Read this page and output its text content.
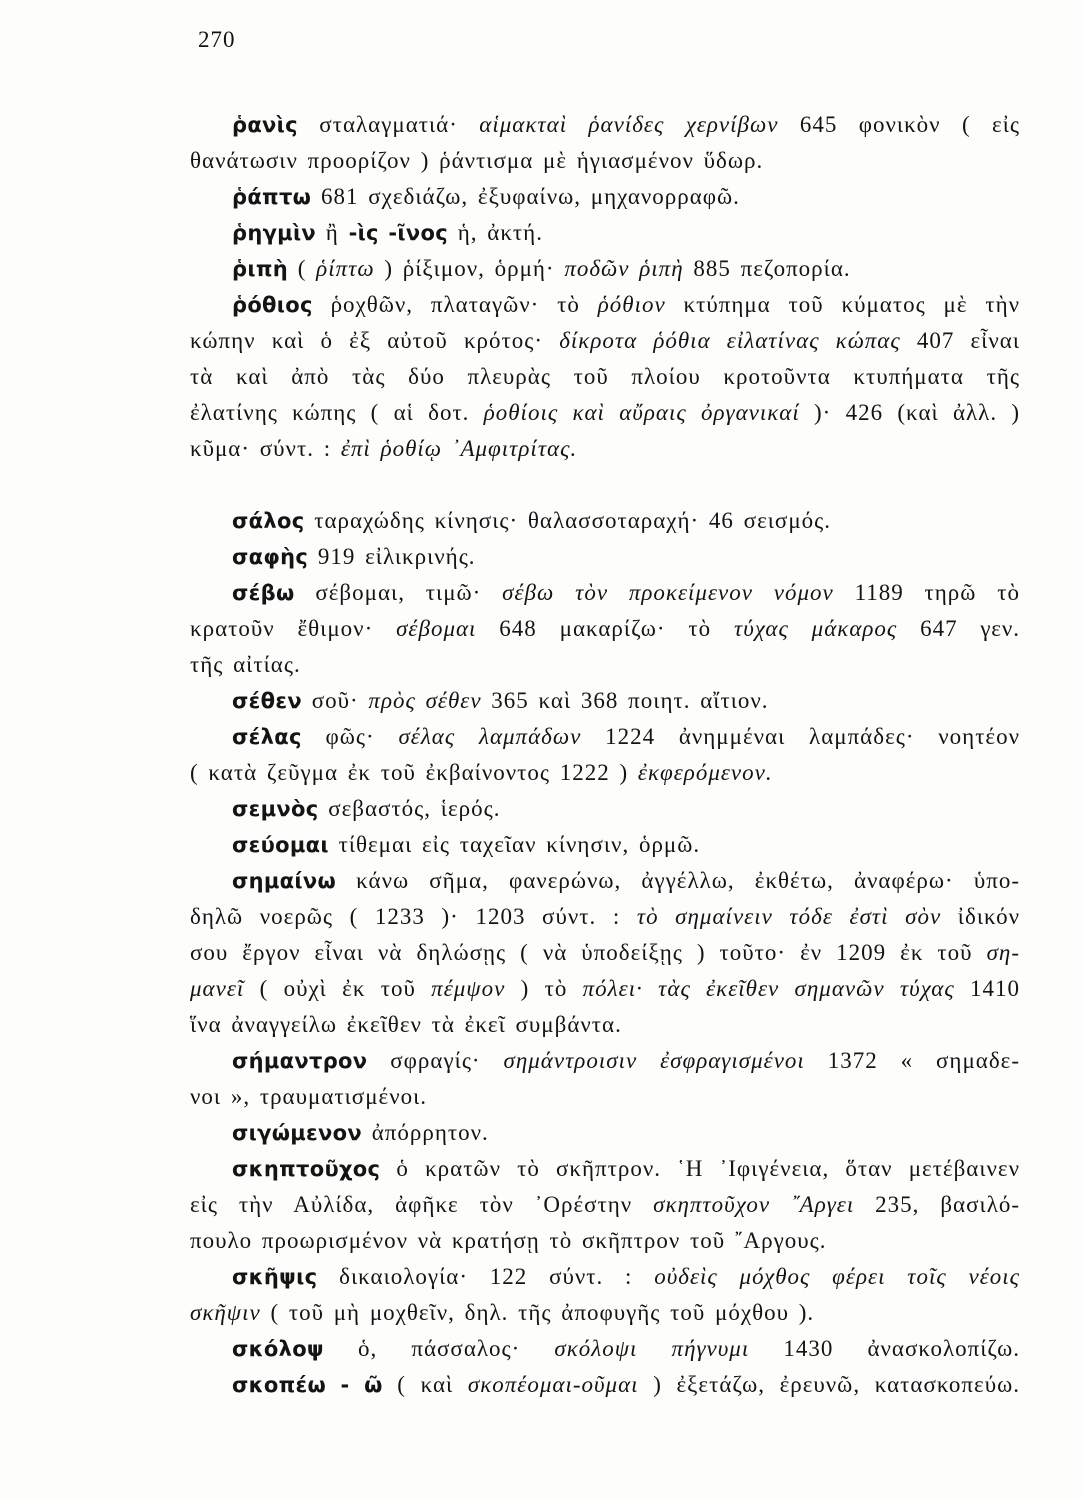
270
ῥανὶς σταλαγματιά· αἱμακταὶ ῥανίδες χερνίβων 645 φονικὸν ( εἰς
θανάτωσιν προορίζον ) ῥάντισμα μὲ ἡγιασμένον ὕδωρ.
ῥάπτω 681 σχεδιάζω, ἐξυφαίνω, μηχανορραφῶ.
ῥηγμὶν ἢ -ὶς -ῖνος ἡ, ἀκτή.
ῥιπὴ ( ῥίπτω ) ῥίξιμον, ὁρμή· ποδῶν ῥιπὴ 885 πεζοπορία.
ῥόθιος ῥοχθῶν, πλαταγῶν· τὸ ῥόθιον κτύπημα τοῦ κύματος μὲ τὴν
κώπην καὶ ὁ ἐξ αὐτοῦ κρότος· δίκροτα ῥόθια εἰλατίνας κώπας 407 εἶναι
τὰ καὶ ἀπὸ τὰς δύο πλευρὰς τοῦ πλοίου κροτοῦντα κτυπήματα τῆς
ἐλατίνης κώπης ( αἱ δοτ. ῥοθίοις καὶ αὔραις ὀργανικαί )· 426 (καὶ ἀλλ. )
κῦμα· σύντ. : ἐπὶ ῥοθίῳ ᾿Αμφιτρίτας.
σάλος ταραχώδης κίνησις· θαλασσοταραχή· 46 σεισμός.
σαφὴς 919 εἰλικρινής.
σέβω σέβομαι, τιμῶ· σέβω τὸν προκείμενον νόμον 1189 τηρῶ τὸ
κρατοῦν ἔθιμον· σέβομαι 648 μακαρίζω· τὸ τύχας μάκαρος 647 γεν.
τῆς αἰτίας.
σέθεν σοῦ· πρὸς σέθεν 365 καὶ 368 ποιητ. αἴτιον.
σέλας φῶς· σέλας λαμπάδων 1224 ἀνημμέναι λαμπάδες· νοητέον
( κατὰ ζεῦγμα ἐκ τοῦ ἐκβαίνοντος 1222 ) ἐκφερόμενον.
σεμνὸς σεβαστός, ἱερός.
σεύομαι τίθεμαι εἰς ταχεῖαν κίνησιν, ὁρμῶ.
σημαίνω κάνω σῆμα, φανερώνω, ἀγγέλλω, ἐκθέτω, ἀναφέρω· ὑπο-
δηλῶ νοερῶς ( 1233 )· 1203 σύντ. : τὸ σημαίνειν τόδε ἐστὶ σὸν ἰδικόν
σου ἔργον εἶναι νὰ δηλώσῃς ( νὰ ὑποδείξῃς ) τοῦτο· ἐν 1209 ἐκ τοῦ ση-
μανεῖ ( οὐχὶ ἐκ τοῦ πέμψον ) τὸ πόλει· τὰς ἐκεῖθεν σημανῶν τύχας 1410
ἵνα ἀναγγείλω ἐκεῖθεν τὰ ἐκεῖ συμβάντα.
σήμαντρον σφραγίς· σημάντροισιν ἐσφραγισμένοι 1372 « σημαδε-
νοι », τραυματισμένοι.
σιγώμενον ἀπόρρητον.
σκηπτοῦχος ὁ κρατῶν τὸ σκῆπτρον. ῾Η ᾿Ιφιγένεια, ὅταν μετέβαινεν
εἰς τὴν Αὐλίδα, ἀφῆκε τὸν ᾿Ορέστην σκηπτοῦχον ῎Αργει 235, βασιλό-
πουλο προωρισμένον νὰ κρατήσῃ τὸ σκῆπτρον τοῦ ῎Αργους.
σκῆψις δικαιολογία· 122 σύντ. : οὐδεὶς μόχθος φέρει τοῖς νέοις
σκῆψιν ( τοῦ μὴ μοχθεῖν, δηλ. τῆς ἀποφυγῆς τοῦ μόχθου ).
σκόλοψ ὁ, πάσσαλος· σκόλοψι πήγνυμι 1430 ἀνασκολοπίζω.
σκοπέω - ῶ ( καὶ σκοπέομαι-οῦμαι ) ἐξετάζω, ἐρευνῶ, κατασκοπεύω.
